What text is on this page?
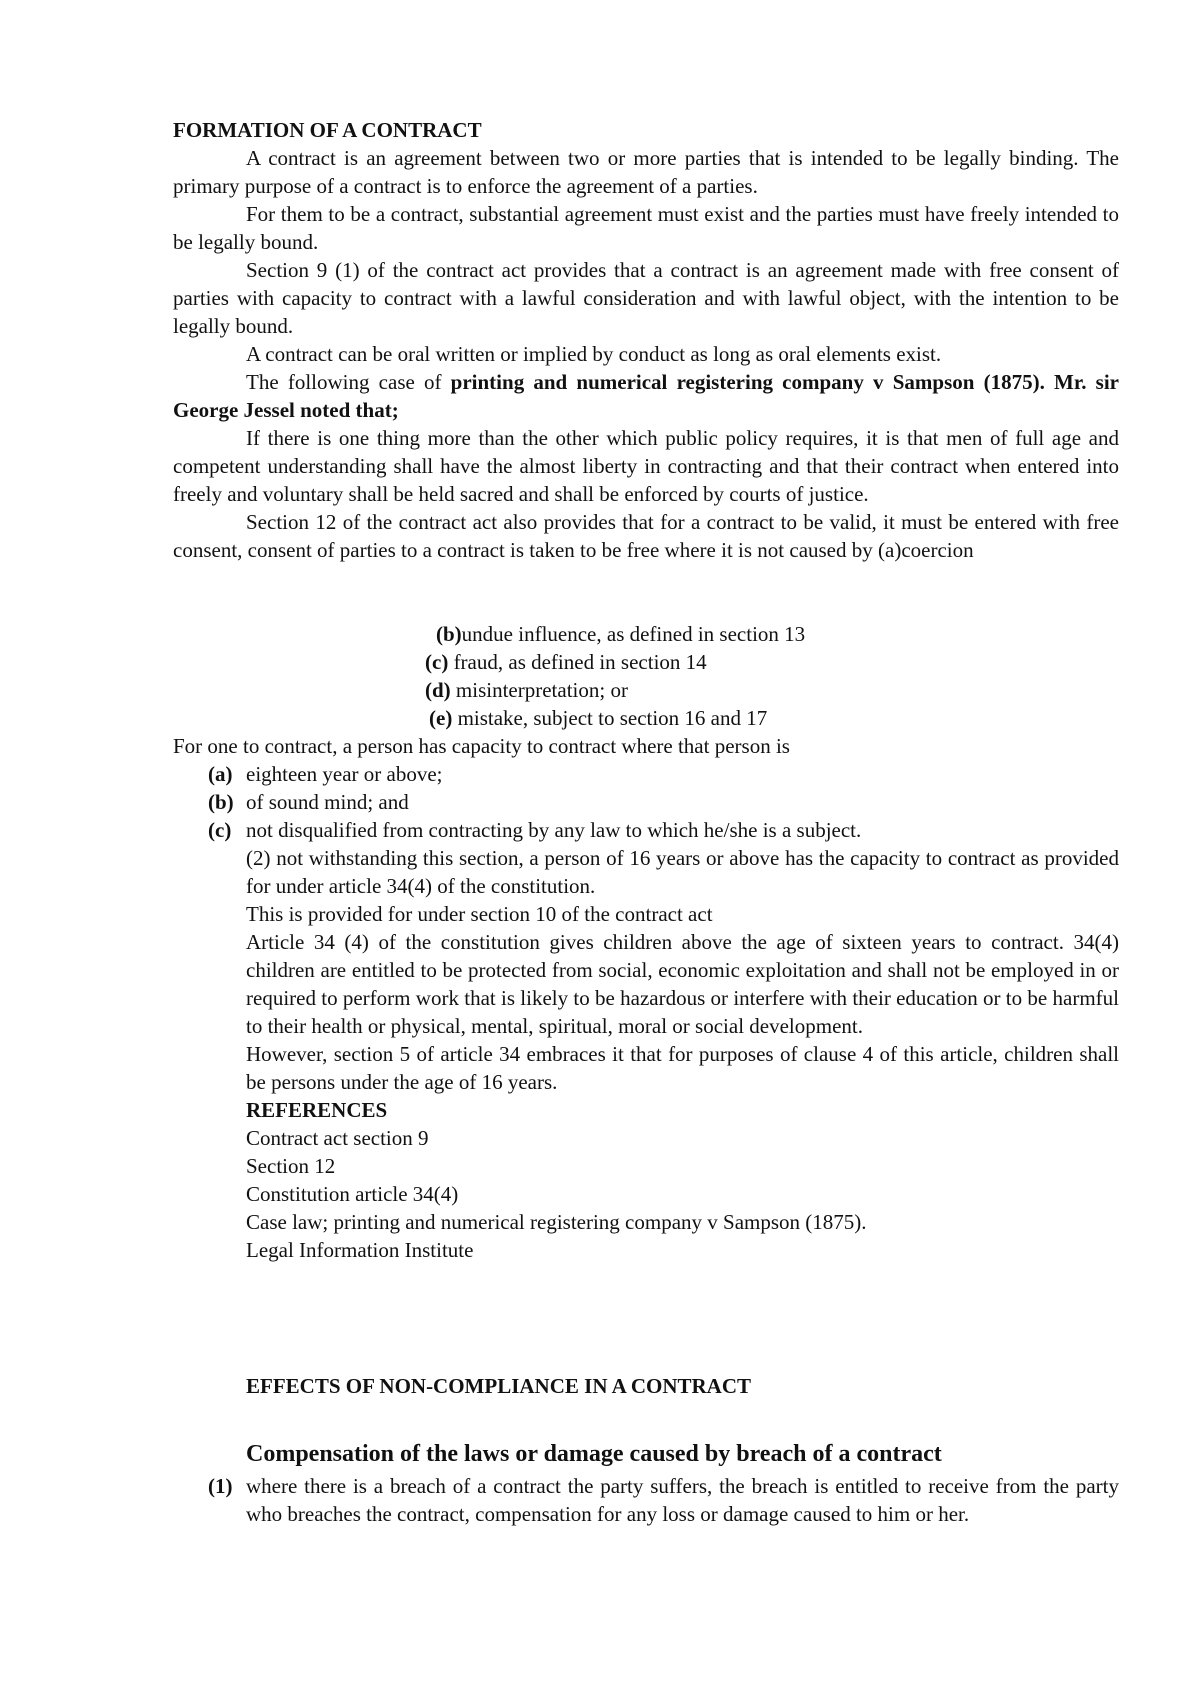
FORMATION OF A CONTRACT

A contract is an agreement between two or more parties that is intended to be legally binding. The primary purpose of a contract is to enforce the agreement of a parties.

For them to be a contract, substantial agreement must exist and the parties must have freely intended to be legally bound.

Section 9 (1) of the contract act provides that a contract is an agreement made with free consent of parties with capacity to contract with a lawful consideration and with lawful object, with the intention to be legally bound.

A contract can be oral written or implied by conduct as long as oral elements exist.

The following case of printing and numerical registering company v Sampson (1875). Mr. sir George Jessel noted that;

If there is one thing more than the other which public policy requires, it is that men of full age and competent understanding shall have the almost liberty in contracting and that their contract when entered into freely and voluntary shall be held sacred and shall be enforced by courts of justice.

Section 12 of the contract act also provides that for a contract to be valid, it must be entered with free consent, consent of parties to a contract is taken to be free where it is not caused by (a)coercion

(b)undue influence, as defined in section 13
(c) fraud, as defined in section 14
(d) misinterpretation; or
(e) mistake, subject to section 16 and 17
For one to contract, a person has capacity to contract where that person is
(a) eighteen year or above;
(b) of sound mind; and
(c) not disqualified from contracting by any law to which he/she is a subject.

(2) not withstanding this section, a person of 16 years or above has the capacity to contract as provided for under article 34(4) of the constitution.

This is provided for under section 10 of the contract act

Article 34 (4) of the constitution gives children above the age of sixteen years to contract. 34(4) children are entitled to be protected from social, economic exploitation and shall not be employed in or required to perform work that is likely to be hazardous or interfere with their education or to be harmful to their health or physical, mental, spiritual, moral or social development.

However, section 5 of article 34 embraces it that for purposes of clause 4 of this article, children shall be persons under the age of 16 years.

REFERENCES

Contract act section 9

Section 12

Constitution article 34(4)

Case law; printing and numerical registering company v Sampson (1875).

Legal Information Institute

EFFECTS OF NON-COMPLIANCE IN A CONTRACT
Compensation of the laws or damage caused by breach of a contract
(1) where there is a breach of a contract the party suffers, the breach is entitled to receive from the party who breaches the contract, compensation for any loss or damage caused to him or her.
